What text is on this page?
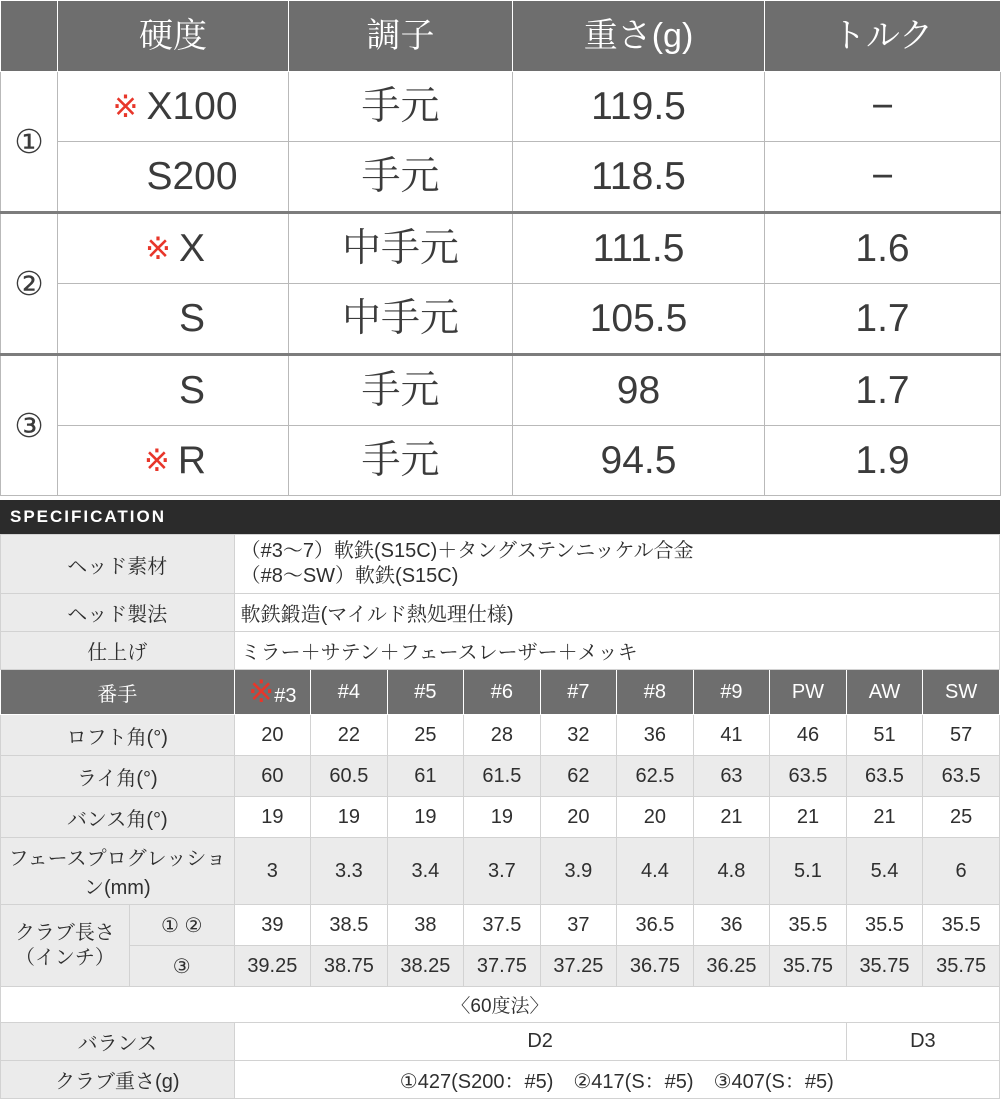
	硬度	調子	重さ(g)	トルク
①	※ X100	手元	119.5	−

	S200	手元	118.5	−
②	※ X	中手元	111.5	1.6

	S	中手元	105.5	1.7
③	S	手元	98	1.7

	※ R	手元	94.5	1.9
SPECIFICATION
ヘッド素材		（#3〜7）軟鉄(S15C)＋タングステンニッケル合金
（#8〜SW）軟鉄(S15C)									

ヘッド製法		軟鉄鍛造(マイルド熱処理仕様)									
仕上げ		ミラー＋サテン＋フェースレーザー＋メッキ									
番手		※#3	#4	#5	#6	#7	#8	#9	PW	AW	SW
ロフト角(°)		20	22	25	28	32	36	41	46	51	57
ライ角(°)		60	60.5	61	61.5	62	62.5	63	63.5	63.5	63.5
バンス角(°)		19	19	19	19	20	20	21	21	21	25
フェースプログレッション(mm)		3	3.3	3.4	3.7	3.9	4.4	4.8	5.1	5.4	6

クラブ長さ
（インチ）	① ②	39	38.5	38	37.5	37	36.5	36	35.5	35.5	35.5
	③	39.25	38.75	38.25	37.75	37.25	36.75	36.25	35.75	35.75	35.75
〈60度法〉											
バランス		D2								D3	
クラブ重さ(g)		①427(S200：#5)　②417(S：#5)　③407(S：#5)									
